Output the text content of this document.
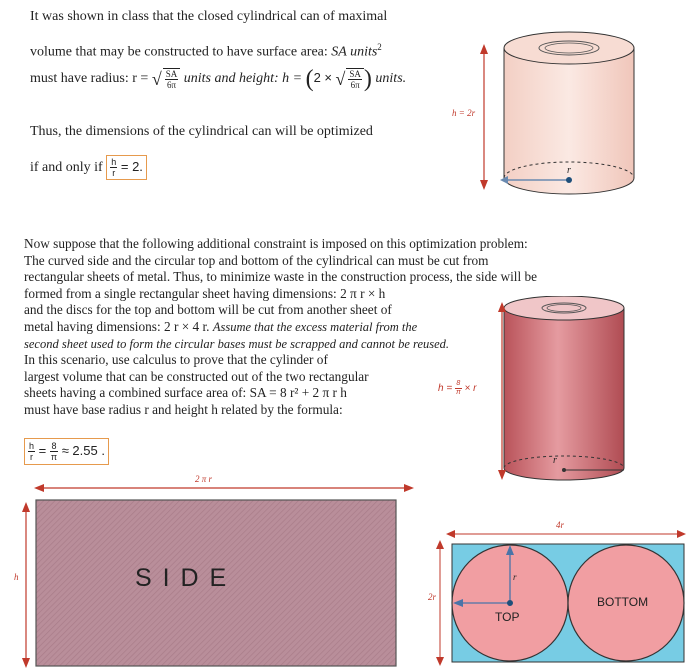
It was shown in class that the closed cylindrical can of maximal
volume that may be constructed to have surface area: SA units$^2$
must have radius: r = √ $\frac{SA}{6\pi}$ units and height: h = (2 × √ $\frac{SA}{6\pi}$ ) units.
Thus, the dimensions of the cylindrical can will be optimized
if and only if $\frac{h}{r} = 2$.
h = 2r
r
Now suppose that the following additional constraint is imposed on this optimization problem:
The curved side and the circular top and bottom of the cylindrical can must be cut from
rectangular sheets of metal. Thus, to minimize waste in the construction process, the side will be
formed from a single rectangular sheet having dimensions: 2 π r × h
and the discs for the top and bottom will be cut from another sheet of
metal having dimensions: 2 r × 4 r. Assume that the excess material from the
second sheet used to form the circular bases must be scrapped and cannot be reused.
In this scenario, use calculus to prove that the cylinder of
largest volume that can be constructed out of the two rectangular
sheets having a combined surface area of: SA = 8 r² + 2 π r h
must have base radius r and height h related by the formula:
$\frac{h}{r} = \frac{8}{\pi} \approx 2.55$ .
$h = \frac{8}{\pi} \times r$
r
2 π r
h	S I D E
4r
2r
r
TOP
BOTTOM
